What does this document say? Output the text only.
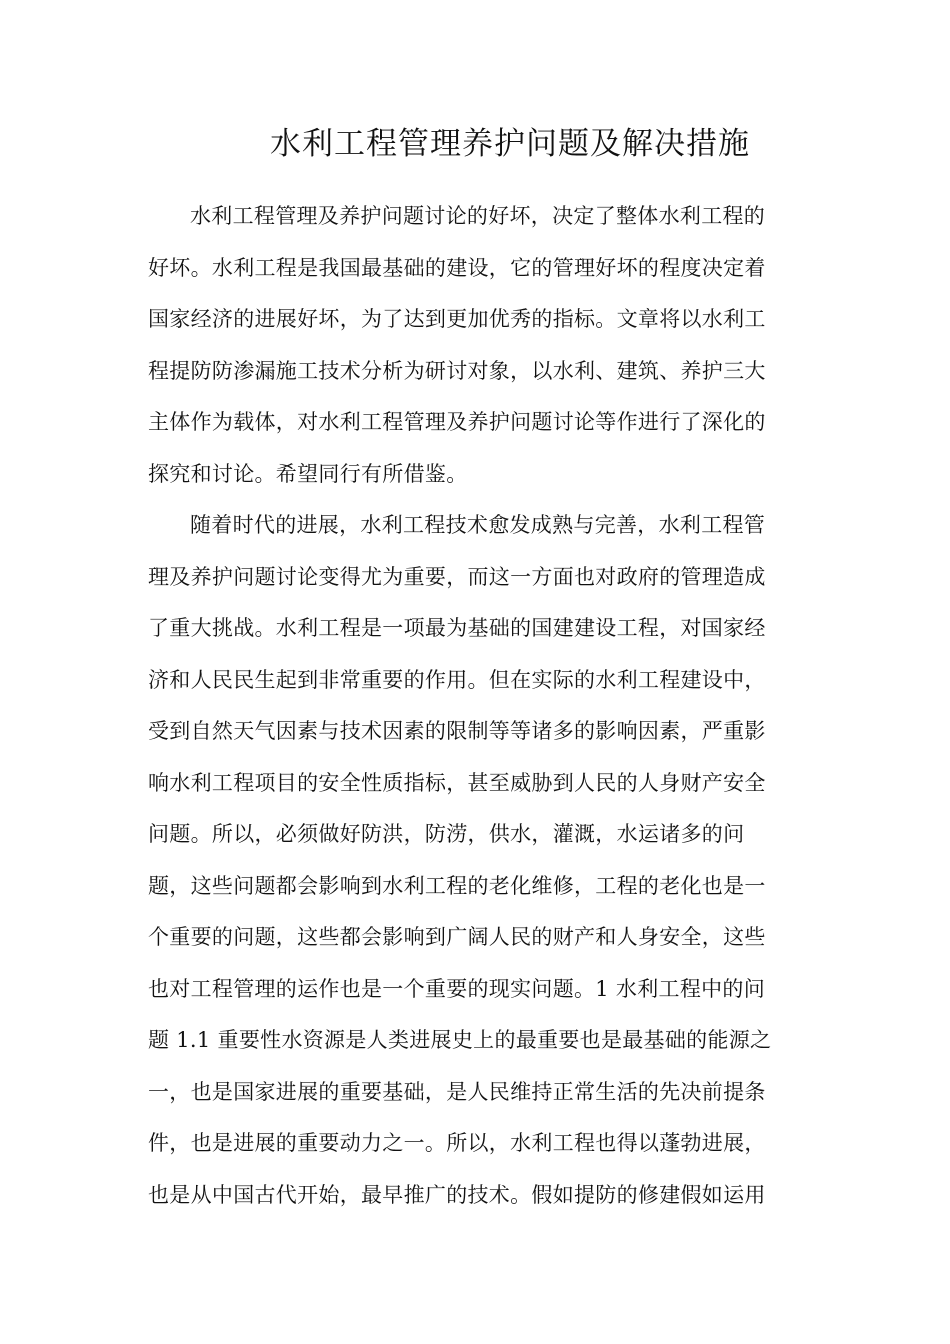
水利工程管理养护问题及解决措施
水利工程管理及养护问题讨论的好坏，决定了整体水利工程的
好坏。水利工程是我国最基础的建设，它的管理好坏的程度决定着
国家经济的进展好坏，为了达到更加优秀的指标。文章将以水利工
程提防防渗漏施工技术分析为研讨对象，以水利、建筑、养护三大
主体作为载体，对水利工程管理及养护问题讨论等作进行了深化的
探究和讨论。希望同行有所借鉴。
随着时代的进展，水利工程技术愈发成熟与完善，水利工程管
理及养护问题讨论变得尤为重要，而这一方面也对政府的管理造成
了重大挑战。水利工程是一项最为基础的国建建设工程，对国家经
济和人民民生起到非常重要的作用。但在实际的水利工程建设中，
受到自然天气因素与技术因素的限制等等诸多的影响因素，严重影
响水利工程项目的安全性质指标，甚至威胁到人民的人身财产安全
问题。所以，必须做好防洪，防涝，供水，灌溉，水运诸多的问
题，这些问题都会影响到水利工程的老化维修，工程的老化也是一
个重要的问题，这些都会影响到广阔人民的财产和人身安全，这些
也对工程管理的运作也是一个重要的现实问题。1 水利工程中的问
题 1.1 重要性水资源是人类进展史上的最重要也是最基础的能源之
一，也是国家进展的重要基础，是人民维持正常生活的先决前提条
件，也是进展的重要动力之一。所以，水利工程也得以蓬勃进展，
也是从中国古代开始，最早推广的技术。假如提防的修建假如运用
